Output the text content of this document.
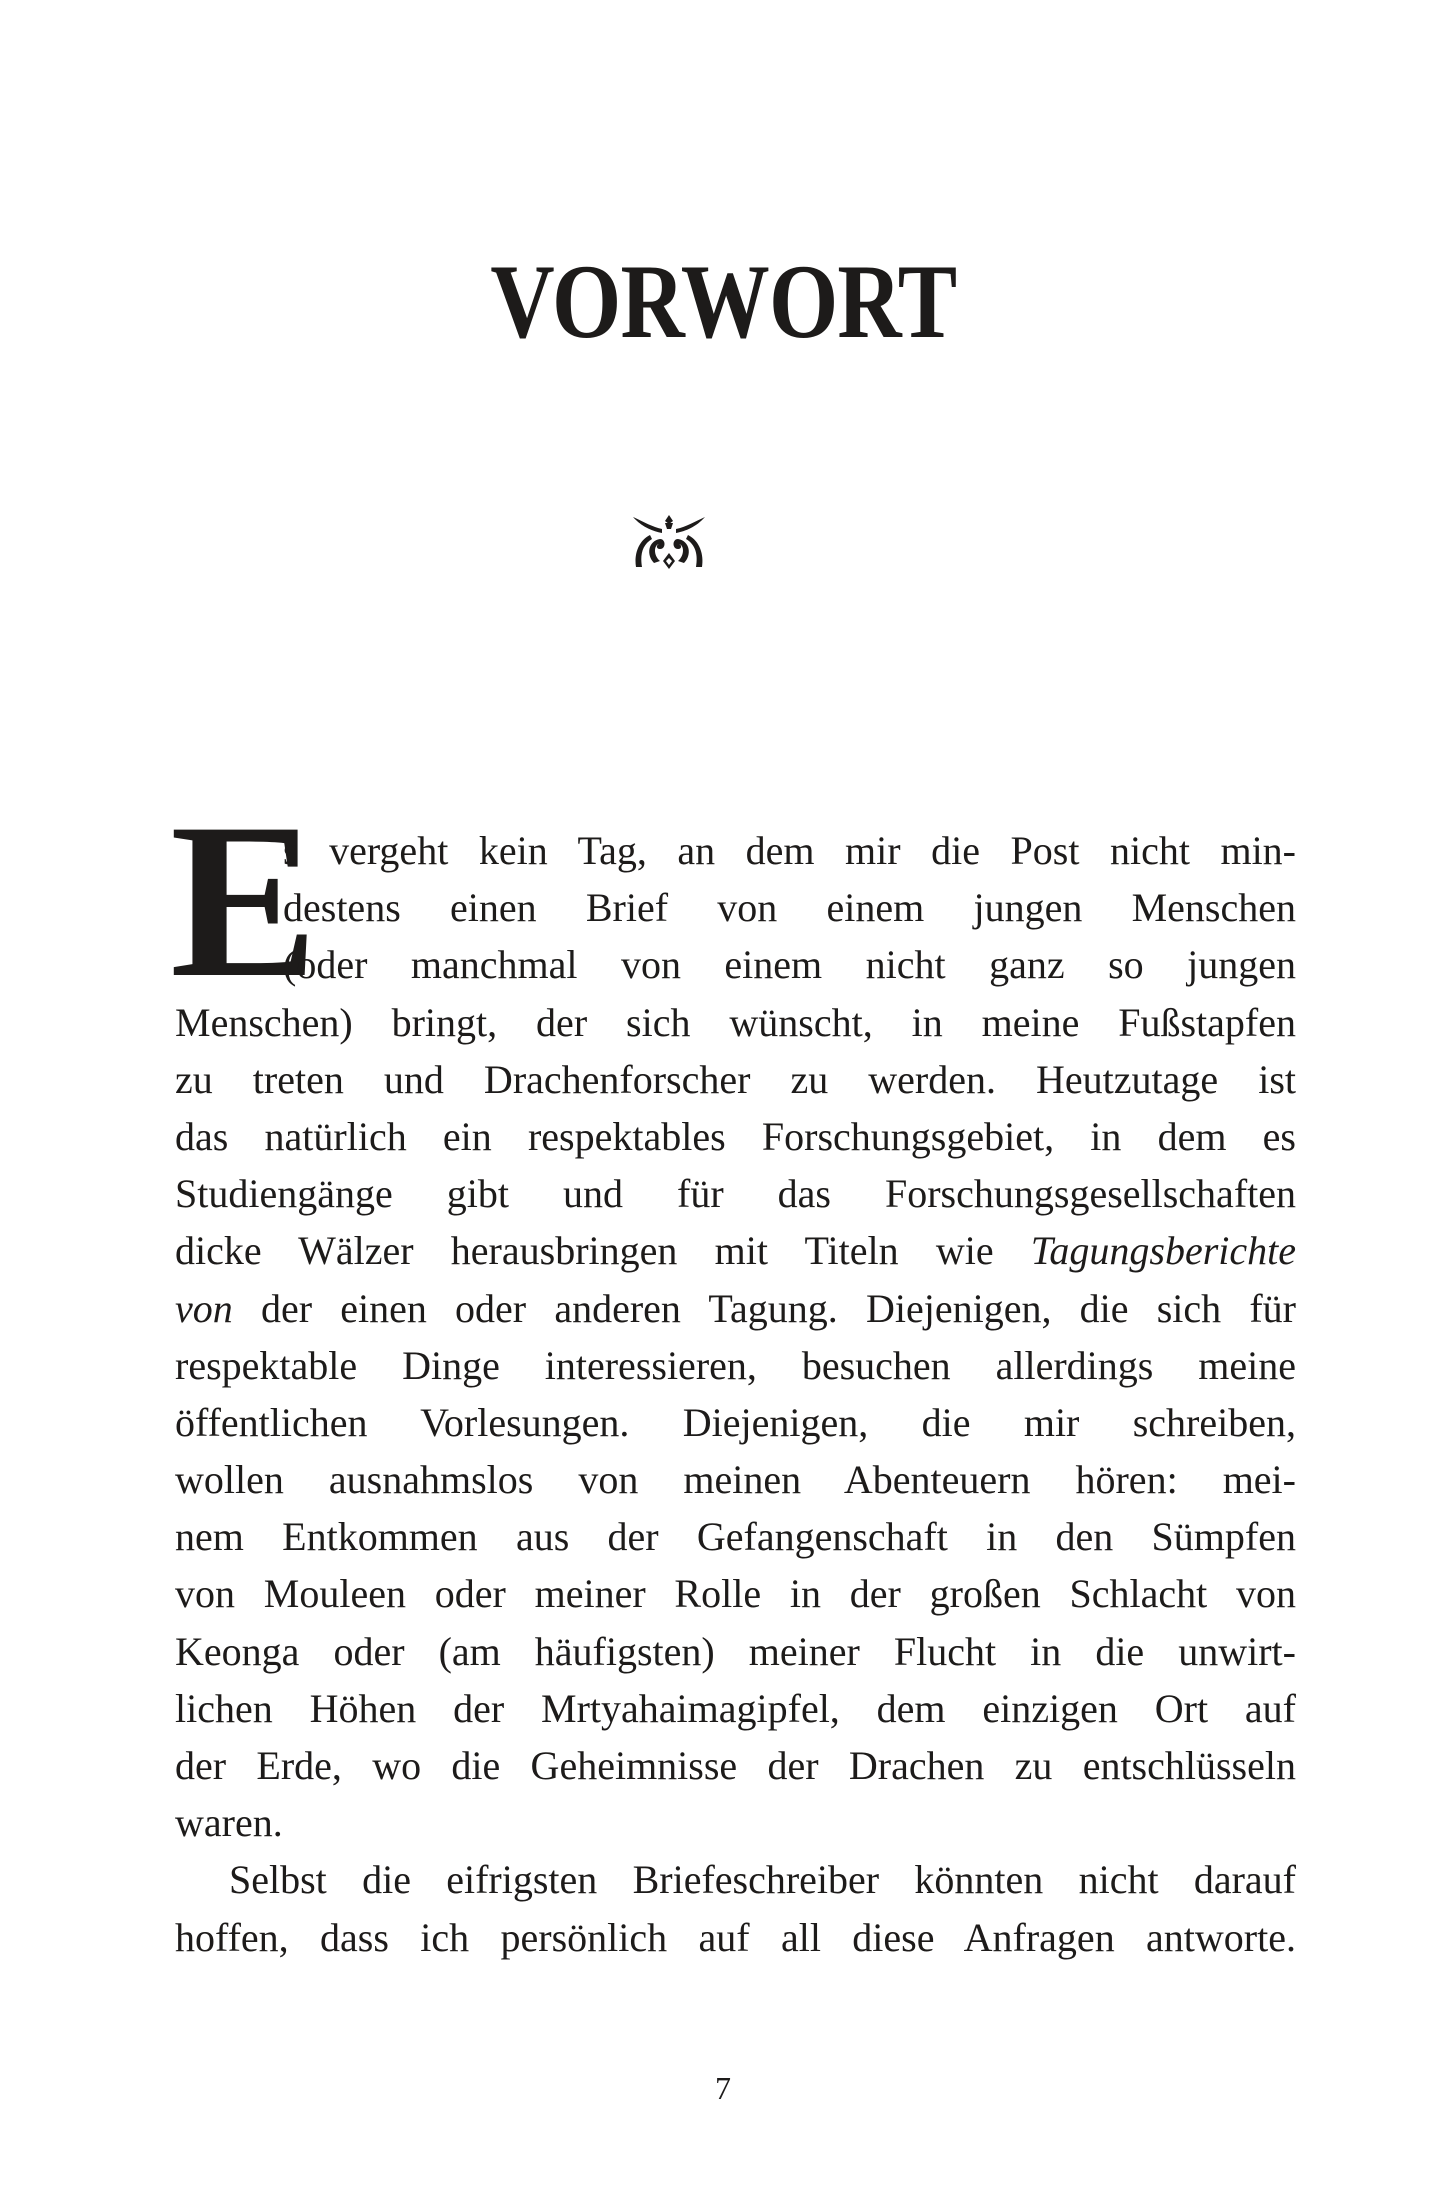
VORWORT
E
s vergeht kein Tag, an dem mir die Post nicht min-
destens einen Brief von einem jungen Menschen
(oder manchmal von einem nicht ganz so jungen
Menschen) bringt, der sich wünscht, in meine Fußstapfen
zu treten und Drachenforscher zu werden. Heutzutage ist
das natürlich ein respektables Forschungsgebiet, in dem es
Studiengänge gibt und für das Forschungsgesellschaften
dicke Wälzer herausbringen mit Titeln wie Tagungsberichte
von der einen oder anderen Tagung. Diejenigen, die sich für
respektable Dinge interessieren, besuchen allerdings meine
öffentlichen Vorlesungen. Diejenigen, die mir schreiben,
wollen ausnahmslos von meinen Abenteuern hören: mei-
nem Entkommen aus der Gefangenschaft in den Sümpfen
von Mouleen oder meiner Rolle in der großen Schlacht von
Keonga oder (am häufigsten) meiner Flucht in die unwirt-
lichen Höhen der Mrtyahaimagipfel, dem einzigen Ort auf
der Erde, wo die Geheimnisse der Drachen zu entschlüsseln
waren.
Selbst die eifrigsten Briefeschreiber könnten nicht darauf
hoffen, dass ich persönlich auf all diese Anfragen antworte.
7
